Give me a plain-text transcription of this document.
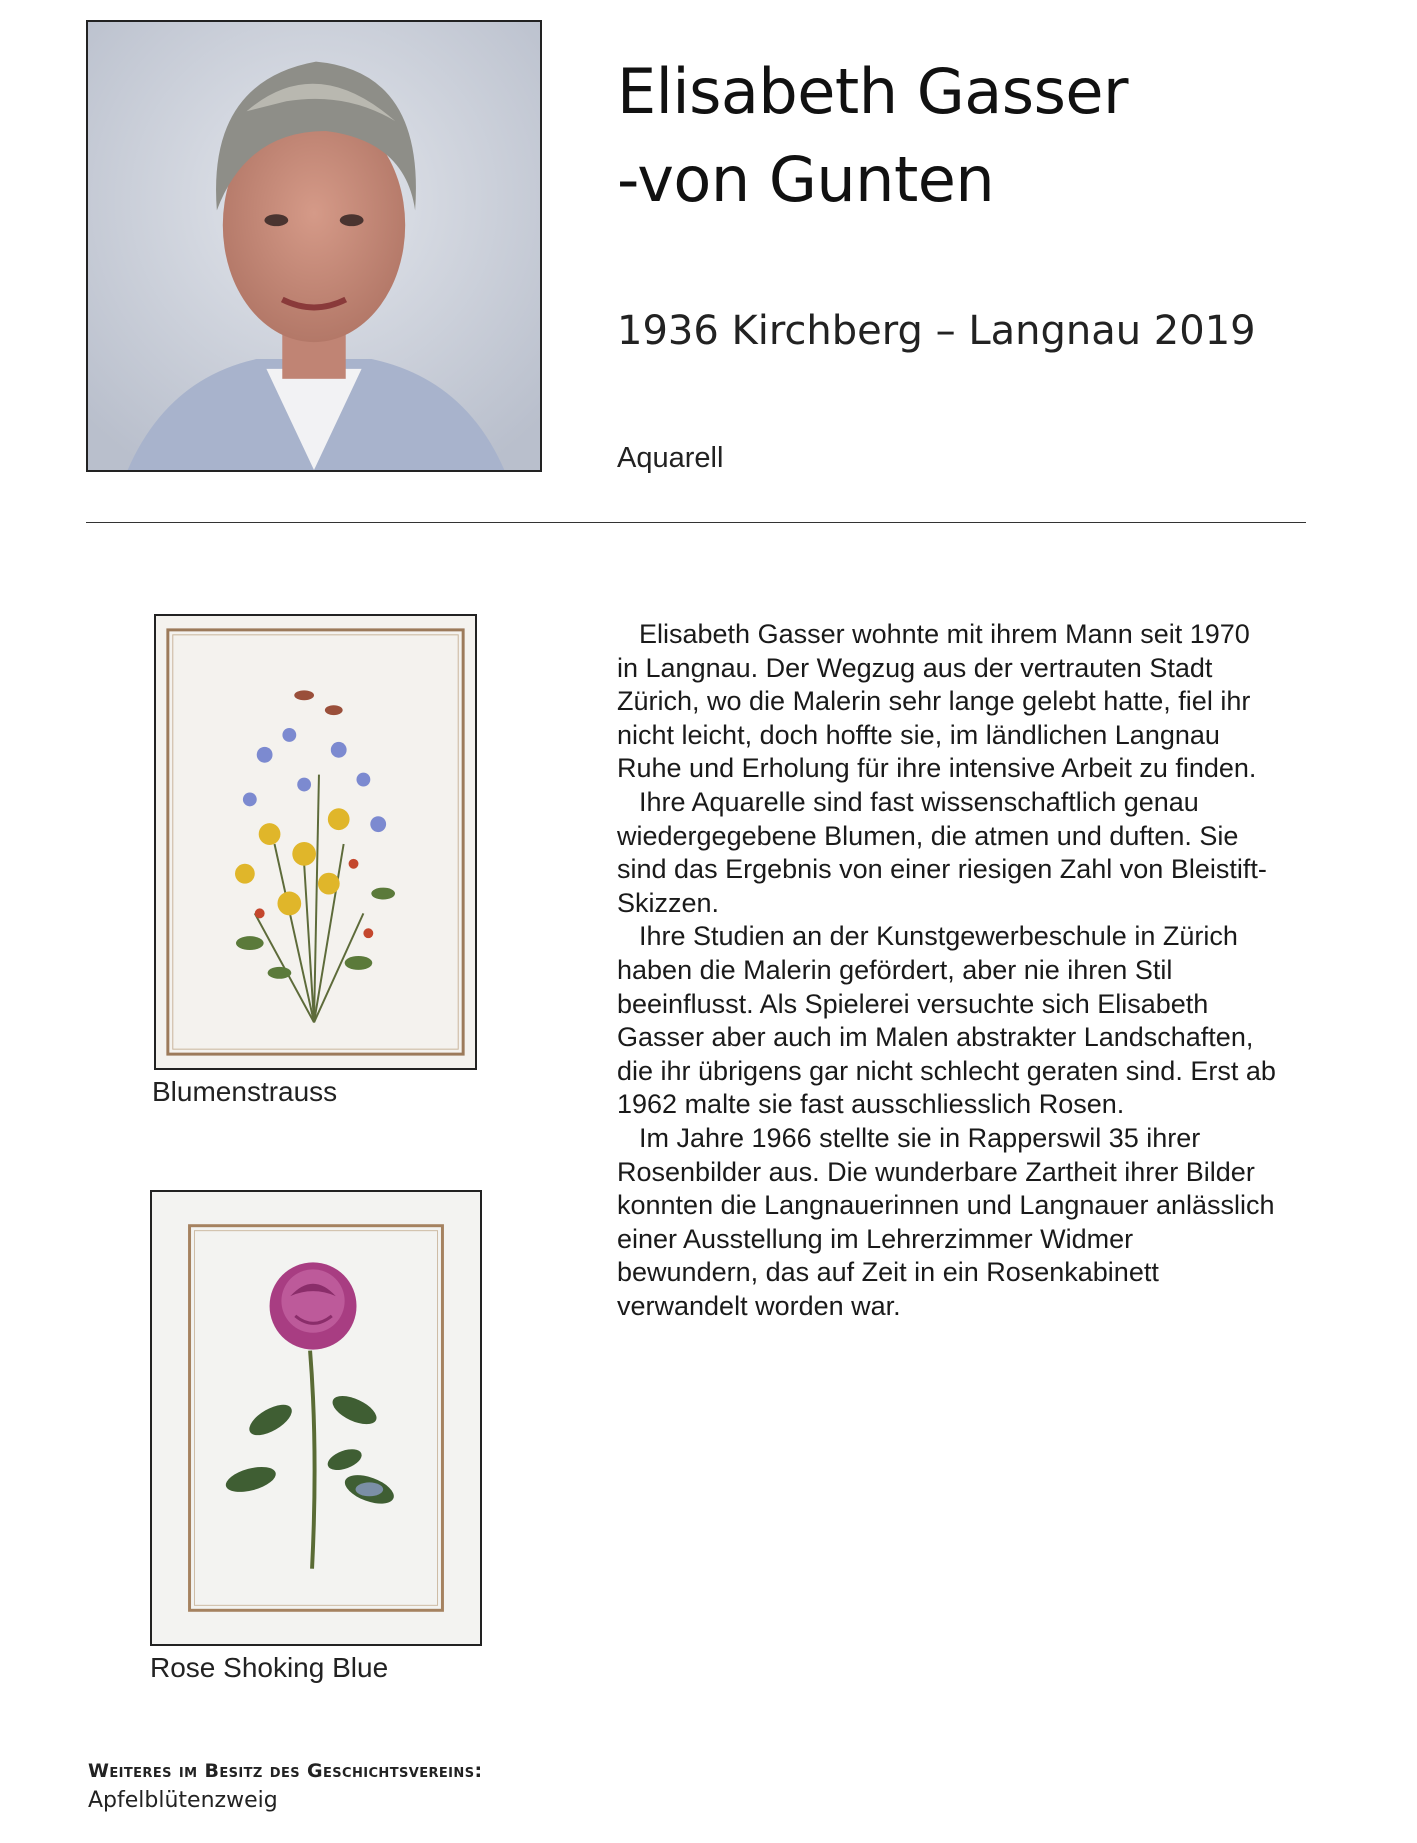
Elisabeth Gasser
-von Gunten
1936 Kirchberg – Langnau 2019
Aquarell
Blumenstrauss
Rose Shoking Blue

Elisabeth Gasser wohnte mit ihrem Mann seit 1970 in Langnau. Der Wegzug aus der vertrauten Stadt Zürich, wo die Malerin sehr lange gelebt hatte, fiel ihr nicht leicht, doch hoffte sie, im ländlichen Langnau Ruhe und Erholung für ihre intensive Arbeit zu finden.

Ihre Aquarelle sind fast wissenschaftlich genau wiedergegebene Blumen, die atmen und duften. Sie sind das Ergebnis von einer riesigen Zahl von Bleistift-Skizzen.

Ihre Studien an der Kunstgewerbeschule in Zürich haben die Malerin gefördert, aber nie ihren Stil beeinflusst. Als Spielerei versuchte sich Elisabeth Gasser aber auch im Malen abstrakter Landschaften, die ihr übrigens gar nicht schlecht geraten sind. Erst ab 1962 malte sie fast ausschliesslich Rosen.

Im Jahre 1966 stellte sie in Rapperswil 35 ihrer Rosenbilder aus. Die wunderbare Zartheit ihrer Bilder konnten die Langnauerinnen und Langnauer anlässlich einer Ausstellung im Lehrerzimmer Widmer bewundern, das auf Zeit in ein Rosenkabinett verwandelt worden war.

Weiteres im Besitz des Geschichtsvereins:
Apfelblütenzweig
